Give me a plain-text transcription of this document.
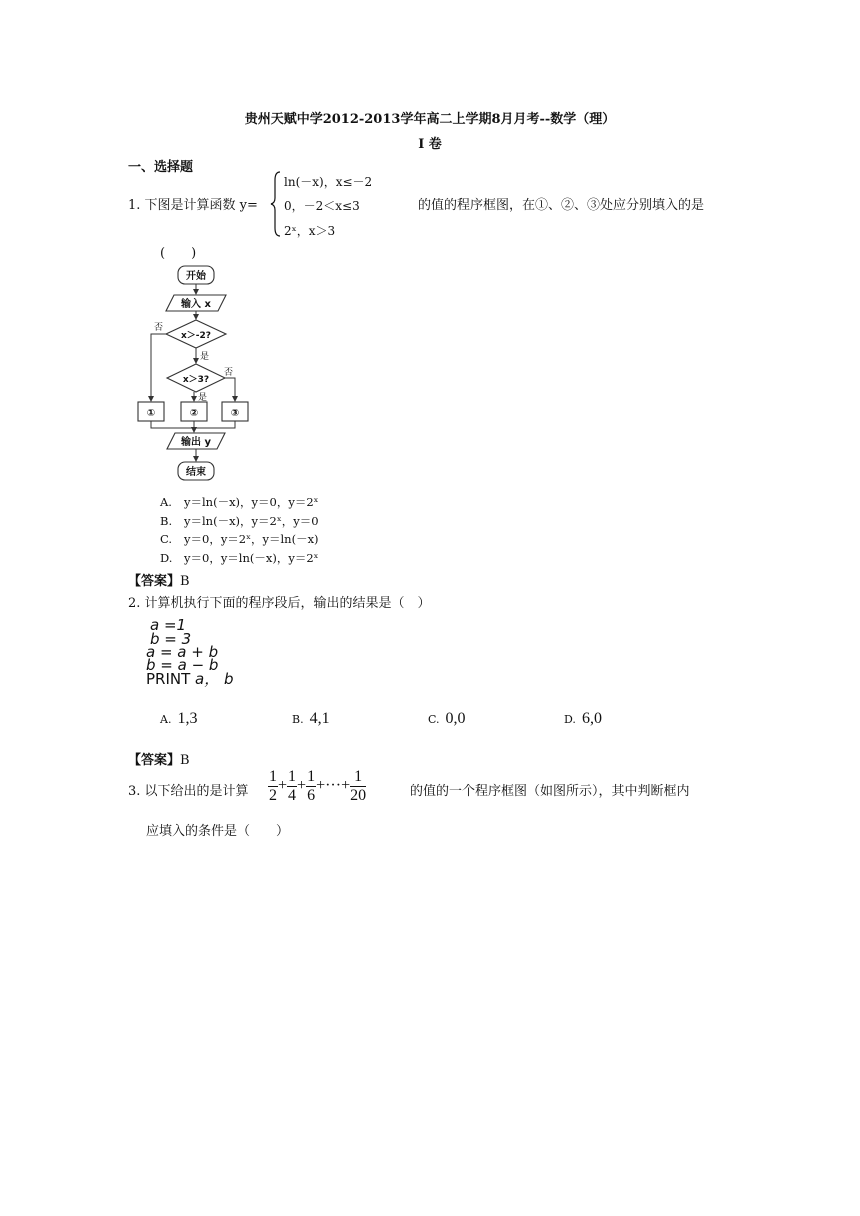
贵州天赋中学2012-2013学年高二上学期8月月考--数学（理）
I 卷
一、选择题
1. 下图是计算函数 y=
ln(－x)，x≤－2
0，－2＜x≤3
2ˣ，x＞3
的值的程序框图，在①、②、③处应分别填入的是
(　　)
开始
输入 x
x＞-2?
x＞3?
①	②	③
输出 y
结束
否
是
否
是
A. y＝ln(－x)，y＝0，y＝2ˣ
B. y＝ln(－x)，y＝2ˣ，y＝0
C. y＝0，y＝2ˣ，y＝ln(－x)
D. y＝0，y＝ln(－x)，y＝2ˣ
【答案】B
2. 计算机执行下面的程序段后，输出的结果是（　）
a =1
b = 3
a = a + b
b = a − b
PRINT a， b
A. 1,3	B. 4,1	C. 0,0	D. 6,0
【答案】B
3. 以下给出的是计算 $\frac{1}{2} + \frac{1}{4} + \frac{1}{6}$ +···+ $\frac{1}{20}$	的值的一个程序框图（如图所示），其中判断框内
应填入的条件是（　　）
